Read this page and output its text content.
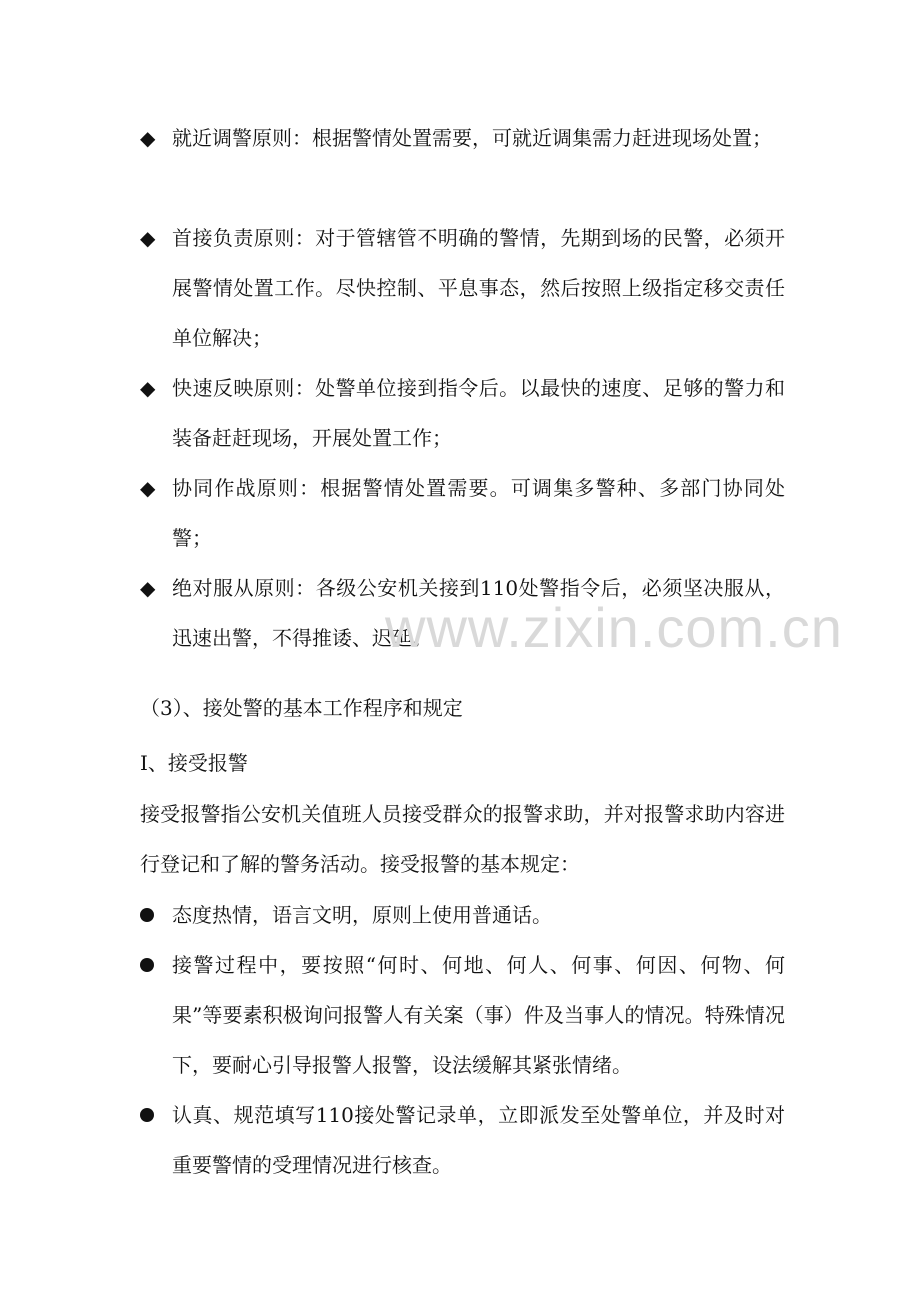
◆ 就近调警原则：根据警情处置需要，可就近调集需力赶进现场处置；
◆ 首接负责原则：对于管辖管不明确的警情，先期到场的民警，必须开展警情处置工作。尽快控制、平息事态，然后按照上级指定移交责任单位解决；
◆ 快速反映原则：处警单位接到指令后。以最快的速度、足够的警力和装备赶赶现场，开展处置工作；
◆ 协同作战原则：根据警情处置需要。可调集多警种、多部门协同处警；
◆ 绝对服从原则：各级公安机关接到110处警指令后，必须坚决服从，迅速出警，不得推诿、迟延。
www.zixin.com.cn
（3）、接处警的基本工作程序和规定
I、接受报警
接受报警指公安机关值班人员接受群众的报警求助，并对报警求助内容进行登记和了解的警务活动。接受报警的基本规定：
态度热情，语言文明，原则上使用普通话。
接警过程中，要按照“何时、何地、何人、何事、何因、何物、何果”等要素积极询问报警人有关案（事）件及当事人的情况。特殊情况下，要耐心引导报警人报警，设法缓解其紧张情绪。
认真、规范填写110接处警记录单，立即派发至处警单位，并及时对重要警情的受理情况进行核查。
